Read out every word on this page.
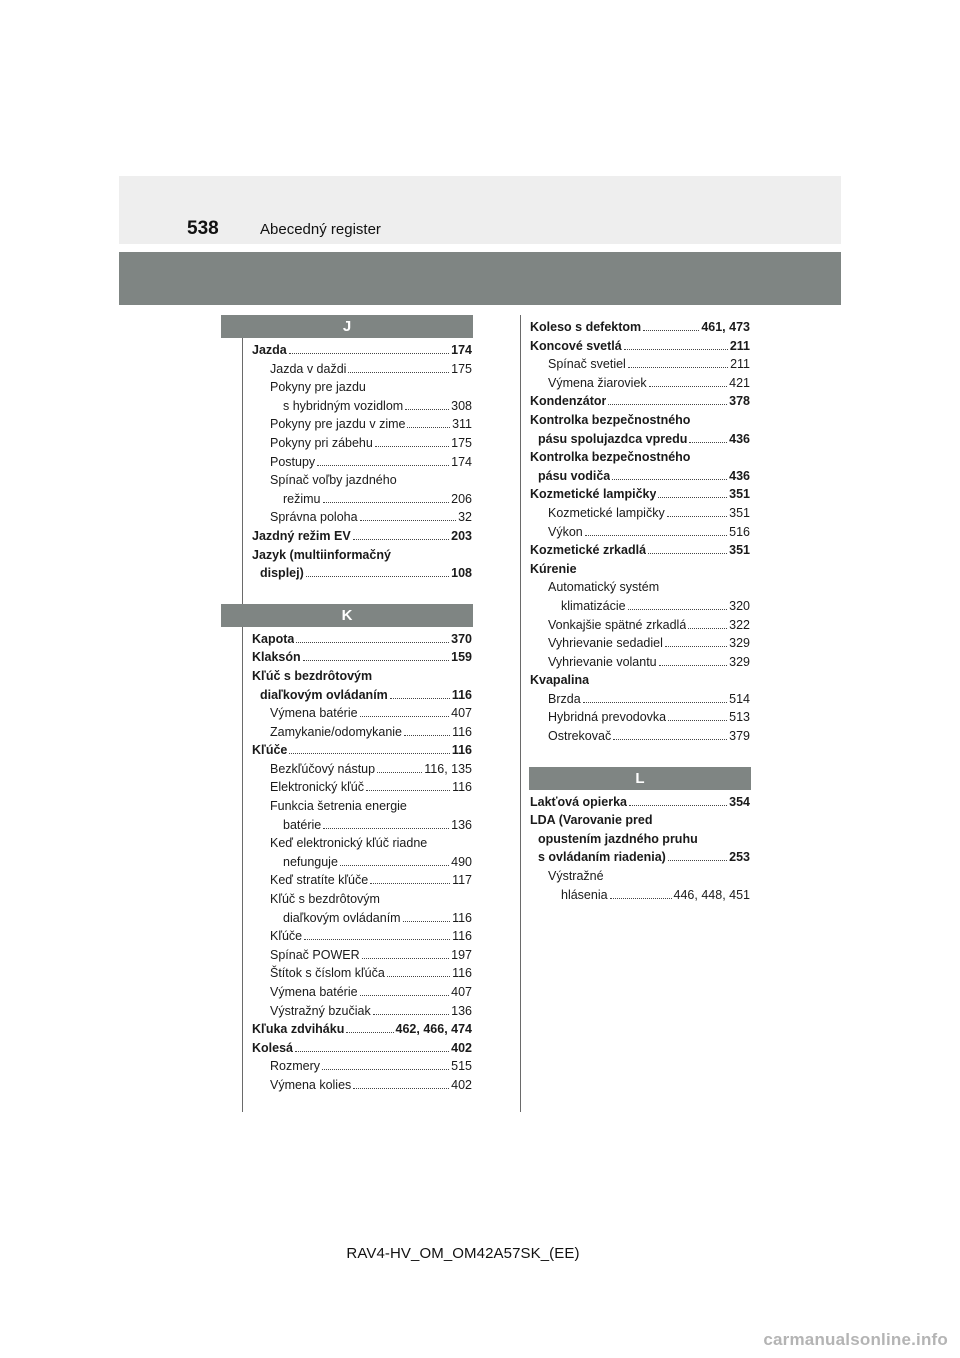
538	Abecedný register
J
Jazda	174
Jazda v daždi	175
Pokyny pre jazdu
s hybridným vozidlom	308
Pokyny pre jazdu v zime	311
Pokyny pri zábehu	175
Postupy	174
Spínač voľby jazdného
režimu	206
Správna poloha	32
Jazdný režim EV	203
Jazyk (multiinformačný
displej)	108
K
Kapota	370
Klaksón	159
Kľúč s bezdrôtovým
diaľkovým ovládaním	116
Výmena batérie	407
Zamykanie/odomykanie	116
Kľúče	116
Bezkľúčový nástup	116, 135
Elektronický kľúč	116
Funkcia šetrenia energie
batérie	136
Keď elektronický kľúč riadne
nefunguje	490
Keď stratíte kľúče	117
Kľúč s bezdrôtovým
diaľkovým ovládaním	116
Kľúče	116
Spínač POWER	197
Štítok s číslom kľúča	116
Výmena batérie	407
Výstražný bzučiak	136
Kľuka zdviháku	462, 466, 474
Kolesá	402
Rozmery	515
Výmena kolies	402
Koleso s defektom	461, 473
Koncové svetlá	211
Spínač svetiel	211
Výmena žiaroviek	421
Kondenzátor	378
Kontrolka bezpečnostného
pásu spolujazdca vpredu	436
Kontrolka bezpečnostného
pásu vodiča	436
Kozmetické lampičky	351
Kozmetické lampičky	351
Výkon	516
Kozmetické zrkadlá	351
Kúrenie
Automatický systém
klimatizácie	320
Vonkajšie spätné zrkadlá	322
Vyhrievanie sedadiel	329
Vyhrievanie volantu	329
Kvapalina
Brzda	514
Hybridná prevodovka	513
Ostrekovač	379
L
Lakťová opierka	354
LDA (Varovanie pred
opustením jazdného pruhu
s ovládaním riadenia)	253
Výstražné
hlásenia	446, 448, 451
RAV4-HV_OM_OM42A57SK_(EE)
carmanualsonline.info
